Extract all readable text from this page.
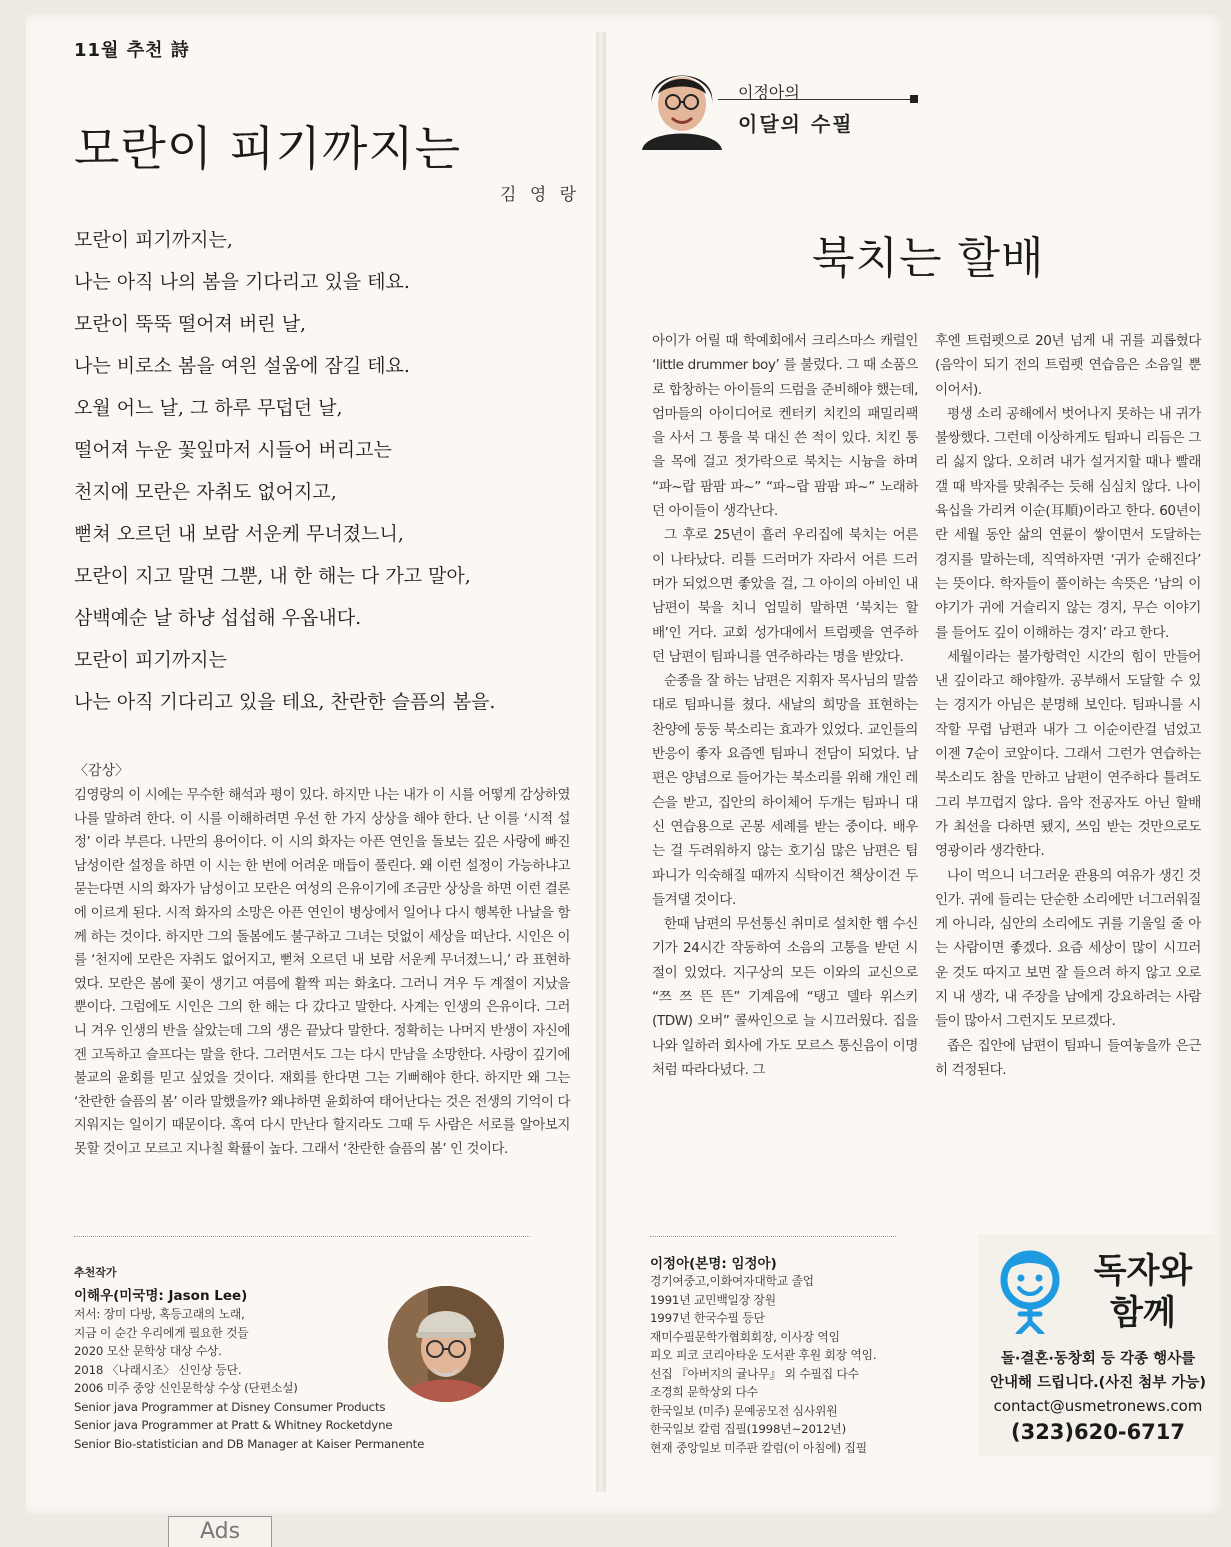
11월 추천 詩
모란이 피기까지는
김 영 랑
모란이 피기까지는,
나는 아직 나의 봄을 기다리고 있을 테요.
모란이 뚝뚝 떨어져 버린 날,
나는 비로소 봄을 여읜 설움에 잠길 테요.
오월 어느 날, 그 하루 무덥던 날,
떨어져 누운 꽃잎마저 시들어 버리고는
천지에 모란은 자취도 없어지고,
뻗쳐 오르던 내 보람 서운케 무너졌느니,
모란이 지고 말면 그뿐, 내 한 해는 다 가고 말아,
삼백예순 날 하냥 섭섭해 우옵내다.
모란이 피기까지는
나는 아직 기다리고 있을 테요, 찬란한 슬픔의 봄을.
〈감상〉
김영랑의 이 시에는 무수한 해석과 평이 있다. 하지만 나는 내가 이 시를 어떻게 감상하였나를 말하려 한다. 이 시를 이해하려면 우선 한 가지 상상을 해야 한다. 난 이를 ‘시적 설정’ 이라 부른다. 나만의 용어이다. 이 시의 화자는 아픈 연인을 돌보는 깊은 사랑에 빠진 남성이란 설정을 하면 이 시는 한 번에 어려운 매듭이 풀린다. 왜 이런 설정이 가능하냐고 묻는다면 시의 화자가 남성이고 모란은 여성의 은유이기에 조금만 상상을 하면 이런 결론에 이르게 된다. 시적 화자의 소망은 아픈 연인이 병상에서 일어나 다시 행복한 나날을 함께 하는 것이다. 하지만 그의 돌봄에도 불구하고 그녀는 덧없이 세상을 떠난다. 시인은 이를 ‘천지에 모란은 자취도 없어지고, 뻗쳐 오르던 내 보람 서운케 무너졌느니,’ 라 표현하였다. 모란은 봄에 꽃이 생기고 여름에 활짝 피는 화초다. 그러니 겨우 두 계절이 지났을 뿐이다. 그럼에도 시인은 그의 한 해는 다 갔다고 말한다. 사계는 인생의 은유이다. 그러니 겨우 인생의 반을 살았는데 그의 생은 끝났다 말한다. 정확히는 나머지 반생이 자신에겐 고독하고 슬프다는 말을 한다. 그러면서도 그는 다시 만남을 소망한다. 사랑이 깊기에 불교의 윤회를 믿고 싶었을 것이다. 재회를 한다면 그는 기뻐해야 한다. 하지만 왜 그는 ‘찬란한 슬픔의 봄’ 이라 말했을까? 왜냐하면 윤회하여 태어난다는 것은 전생의 기억이 다 지워지는 일이기 때문이다. 혹여 다시 만난다 할지라도 그때 두 사람은 서로를 알아보지 못할 것이고 모르고 지나칠 확률이 높다. 그래서 ‘찬란한 슬픔의 봄’ 인 것이다.
추천작가
이해우(미국명: Jason Lee)
저서: 장미 다방, 혹등고래의 노래,
지금 이 순간 우리에게 필요한 것들
2020 모산 문학상 대상 수상.
2018 〈나래시조〉 신인상 등단.
2006 미주 중앙 신인문학상 수상 (단편소설)
Senior java Programmer at Disney Consumer Products
Senior java Programmer at Pratt & Whitney Rocketdyne
Senior Bio-statistician and DB Manager at Kaiser Permanente
이정아의
이달의 수필
북치는 할배

아이가 어릴 때 학예회에서 크리스마스 캐럴인 ‘little drummer boy’ 를 불렀다. 그 때 소품으로 합창하는 아이들의 드럼을 준비해야 했는데, 엄마들의 아이디어로 켄터키 치킨의 패밀리팩을 사서 그 통을 북 대신 쓴 적이 있다. 치킨 통을 목에 걸고 젓가락으로 북치는 시늉을 하며 “파~랍 팜팜 파~” “파~랍 팜팜 파~” 노래하던 아이들이 생각난다.

그 후로 25년이 흘러 우리집에 북치는 어른이 나타났다. 리틀 드러머가 자라서 어른 드러머가 되었으면 좋았을 걸, 그 아이의 아비인 내 남편이 북을 치니 엄밀히 말하면 ‘북치는 할배’인 거다. 교회 성가대에서 트럼펫을 연주하던 남편이 팀파니를 연주하라는 명을 받았다.

순종을 잘 하는 남편은 지휘자 목사님의 말씀대로 팀파니를 쳤다. 새날의 희망을 표현하는 찬양에 둥둥 북소리는 효과가 있었다. 교인들의 반응이 좋자 요즘엔 팀파니 전담이 되었다. 남편은 양념으로 들어가는 북소리를 위해 개인 레슨을 받고, 집안의 하이체어 두개는 팀파니 대신 연습용으로 곤봉 세례를 받는 중이다. 배우는 걸 두려워하지 않는 호기심 많은 남편은 팀파니가 익숙해질 때까지 식탁이건 책상이건 두들겨댈 것이다.

한때 남편의 무선통신 취미로 설치한 햄 수신기가 24시간 작동하여 소음의 고통을 받던 시절이 있었다. 지구상의 모든 이와의 교신으로 “쯔 쯔 뜬 뜬” 기계음에 “탱고 델타 위스키(TDW) 오버” 콜싸인으로 늘 시끄러웠다. 집을 나와 일하러 회사에 가도 모르스 통신음이 이명처럼 따라다녔다. 그

후엔 트럼펫으로 20년 넘게 내 귀를 괴롭혔다(음악이 되기 전의 트럼펫 연습음은 소음일 뿐이어서).

평생 소리 공해에서 벗어나지 못하는 내 귀가 불쌍했다. 그런데 이상하게도 팀파니 리듬은 그리 싫지 않다. 오히려 내가 설거지할 때나 빨래 갤 때 박자를 맞춰주는 듯해 심심치 않다. 나이 육십을 가리켜 이순(耳順)이라고 한다. 60년이란 세월 동안 삶의 연륜이 쌓이면서 도달하는 경지를 말하는데, 직역하자면 ‘귀가 순해진다’ 는 뜻이다. 학자들이 풀이하는 속뜻은 ‘남의 이야기가 귀에 거슬리지 않는 경지, 무슨 이야기를 들어도 깊이 이해하는 경지’ 라고 한다.

세월이라는 불가항력인 시간의 힘이 만들어낸 깊이라고 해야할까. 공부해서 도달할 수 있는 경지가 아님은 분명해 보인다. 팀파니를 시작할 무렵 남편과 내가 그 이순이란걸 넘었고 이젠 7순이 코앞이다. 그래서 그런가 연습하는 북소리도 참을 만하고 남편이 연주하다 틀려도 그리 부끄럽지 않다. 음악 전공자도 아닌 할배가 최선을 다하면 됐지, 쓰임 받는 것만으로도 영광이라 생각한다.

나이 먹으니 너그러운 관용의 여유가 생긴 것인가. 귀에 들리는 단순한 소리에만 너그러워질 게 아니라, 심안의 소리에도 귀를 기울일 줄 아는 사람이면 좋겠다. 요즘 세상이 많이 시끄러운 것도 따지고 보면 잘 들으려 하지 않고 오로지 내 생각, 내 주장을 남에게 강요하려는 사람들이 많아서 그런지도 모르겠다.

좁은 집안에 남편이 팀파니 들여놓을까 은근히 걱정된다.

이정아(본명: 임정아)
경기여중고,이화여자대학교 졸업
1991년 교민백일장 장원
1997년 한국수필 등단
재미수필문학가협회회장, 이사장 역임
피오 피코 코리아타운 도서관 후원 회장 역임.
선집 『아버지의 귤나무』 외 수필집 다수
조경희 문학상외 다수
한국일보 (미주) 문예공모전 심사위원
한국일보 칼럼 집필(1998년~2012년)
현재 중앙일보 미주판 칼럼(이 아침에) 집필
독자와
함께
돌·결혼·동창회 등 각종 행사를
안내해 드립니다.(사진 첨부 가능)
contact@usmetronews.com
(323)620-6717
Ads
